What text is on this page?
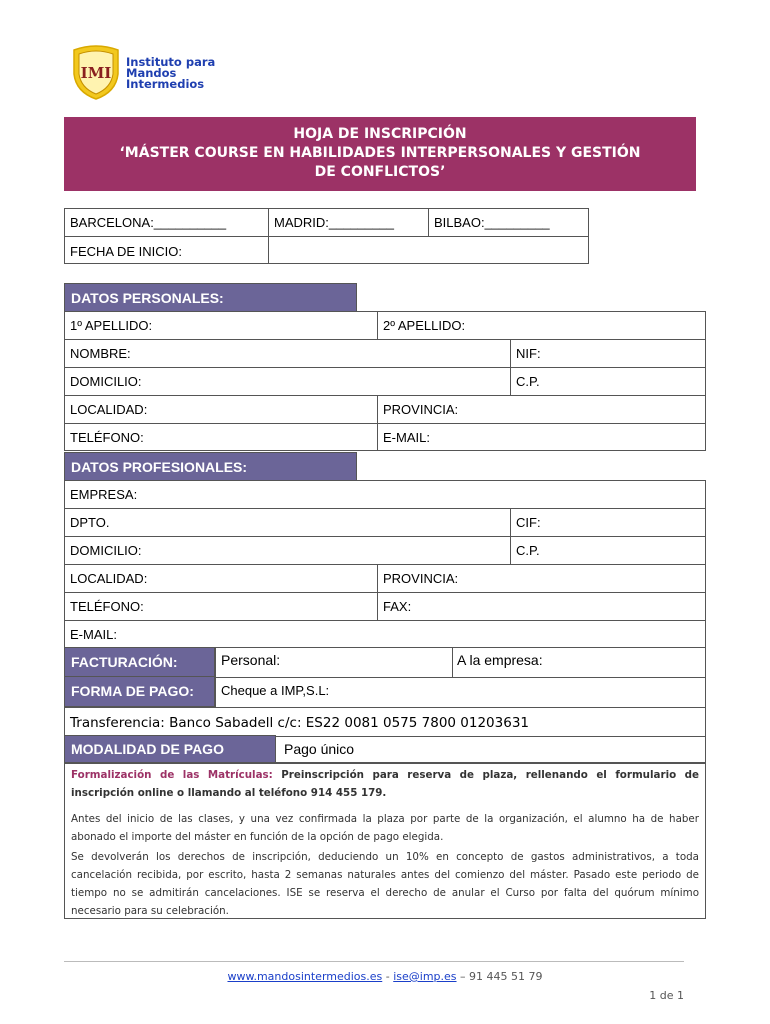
IMI
Instituto para
Mandos
Intermedios
HOJA DE INSCRIPCIÓN
‘MÁSTER COURSE EN HABILIDADES INTERPERSONALES Y GESTIÓN
DE CONFLICTOS’
BARCELONA:__________	MADRID:_________	BILBAO:_________
FECHA DE INICIO:
DATOS PERSONALES:
1º APELLIDO:	2º APELLIDO:
NOMBRE:	NIF:
DOMICILIO:	C.P.
LOCALIDAD:	PROVINCIA:
TELÉFONO:	E-MAIL:
DATOS PROFESIONALES:
EMPRESA:
DPTO.	CIF:
DOMICILIO:	C.P.
LOCALIDAD:	PROVINCIA:
TELÉFONO:	FAX:
E-MAIL:
FACTURACIÓN:	Personal:	A la empresa:
FORMA DE PAGO:	Cheque a IMP,S.L:
Transferencia: Banco Sabadell c/c: ES22 0081 0575 7800 01203631
MODALIDAD DE PAGO	Pago único
Formalización de las Matrículas: Preinscripción para reserva de plaza, rellenando el formulario de inscripción online o llamando al teléfono 914 455 179.
Antes del inicio de las clases, y una vez confirmada la plaza por parte de la organización, el alumno ha de haber abonado el importe del máster en función de la opción de pago elegida.
Se devolverán los derechos de inscripción, deduciendo un 10% en concepto de gastos administrativos, a toda cancelación recibida, por escrito, hasta 2 semanas naturales antes del comienzo del máster. Pasado este periodo de tiempo no se admitirán cancelaciones. ISE se reserva el derecho de anular el Curso por falta del quórum mínimo necesario para su celebración.
www.mandosintermedios.es - ise@imp.es – 91 445 51 79
1 de 1
